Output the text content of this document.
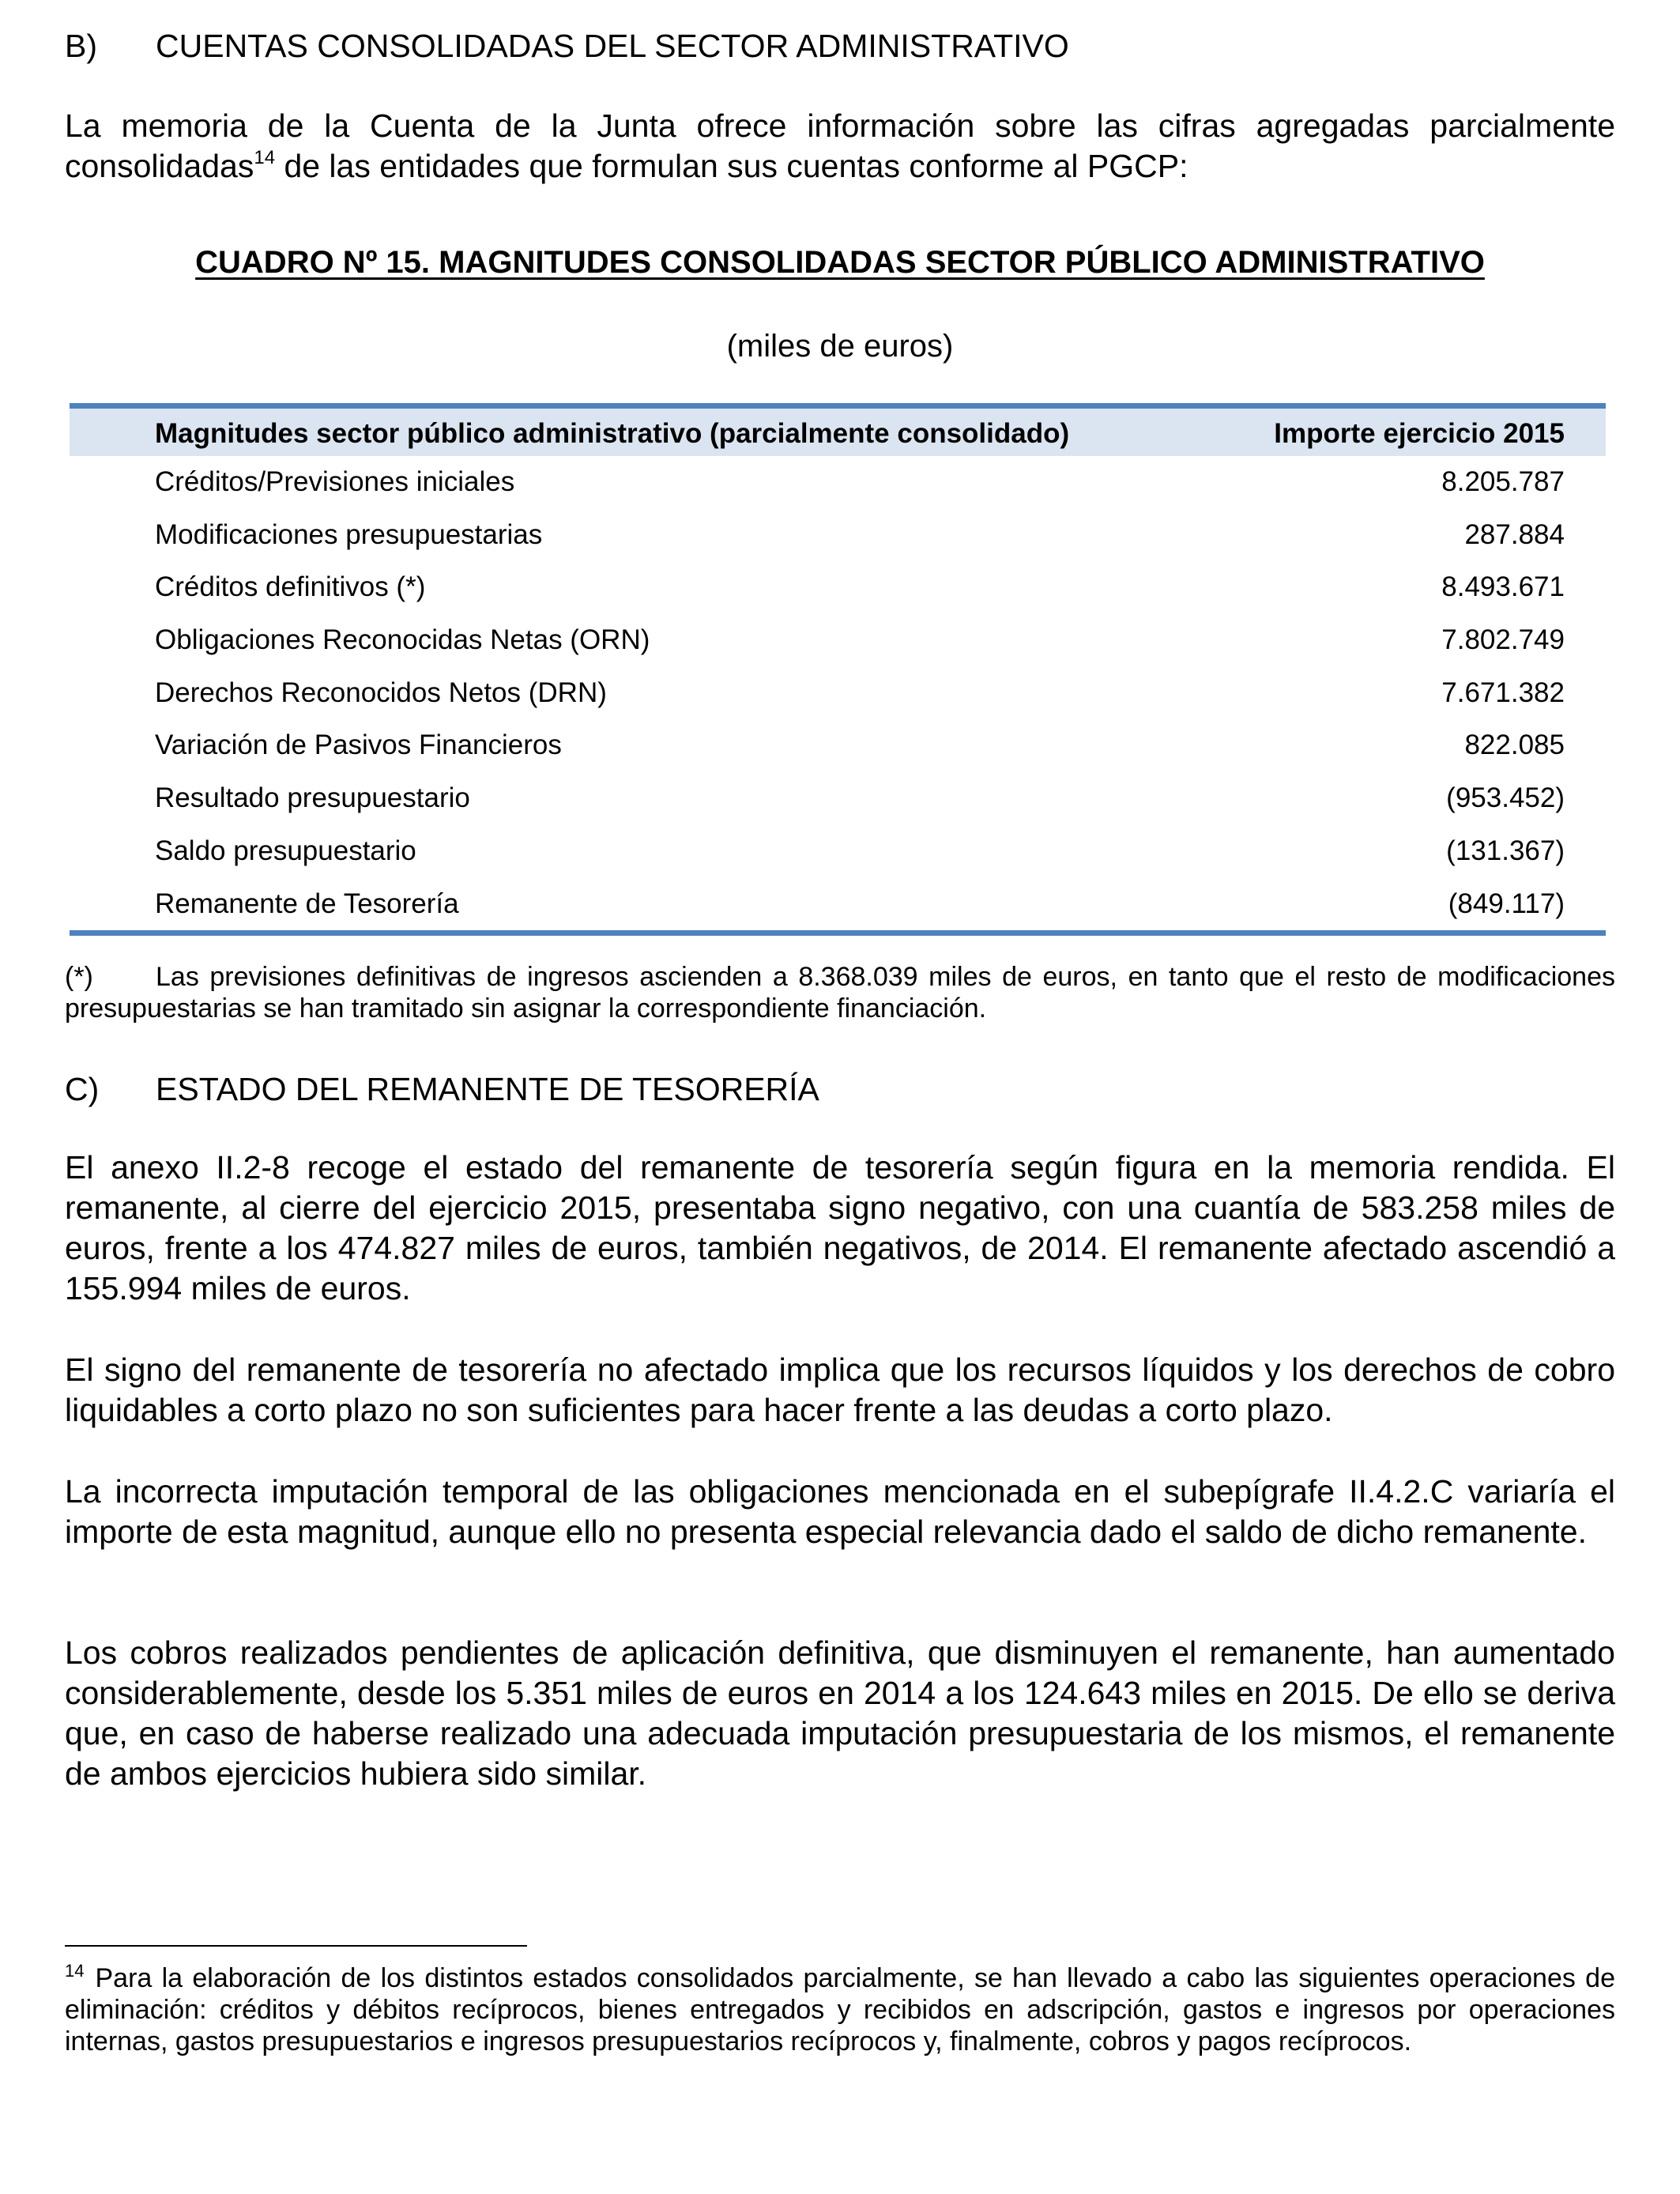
B) CUENTAS CONSOLIDADAS DEL SECTOR ADMINISTRATIVO
La memoria de la Cuenta de la Junta ofrece información sobre las cifras agregadas parcialmente consolidadas$^{14}$ de las entidades que formulan sus cuentas conforme al PGCP:
CUADRO Nº 15. MAGNITUDES CONSOLIDADAS SECTOR PÚBLICO ADMINISTRATIVO
(miles de euros)
Magnitudes sector público administrativo (parcialmente consolidado)	Importe ejercicio 2015
Créditos/Previsiones iniciales	8.205.787
Modificaciones presupuestarias	287.884
Créditos definitivos (*)	8.493.671
Obligaciones Reconocidas Netas (ORN)	7.802.749
Derechos Reconocidos Netos (DRN)	7.671.382
Variación de Pasivos Financieros	822.085
Resultado presupuestario	(953.452)
Saldo presupuestario	(131.367)
Remanente de Tesorería	(849.117)
(*) Las previsiones definitivas de ingresos ascienden a 8.368.039 miles de euros, en tanto que el resto de modificaciones presupuestarias se han tramitado sin asignar la correspondiente financiación.
C) ESTADO DEL REMANENTE DE TESORERÍA
El anexo II.2-8 recoge el estado del remanente de tesorería según figura en la memoria rendida. El remanente, al cierre del ejercicio 2015, presentaba signo negativo, con una cuantía de 583.258 miles de euros, frente a los 474.827 miles de euros, también negativos, de 2014. El remanente afectado ascendió a 155.994 miles de euros.
El signo del remanente de tesorería no afectado implica que los recursos líquidos y los derechos de cobro liquidables a corto plazo no son suficientes para hacer frente a las deudas a corto plazo.
La incorrecta imputación temporal de las obligaciones mencionada en el subepígrafe II.4.2.C variaría el importe de esta magnitud, aunque ello no presenta especial relevancia dado el saldo de dicho remanente.
Los cobros realizados pendientes de aplicación definitiva, que disminuyen el remanente, han aumentado considerablemente, desde los 5.351 miles de euros en 2014 a los 124.643 miles en 2015. De ello se deriva que, en caso de haberse realizado una adecuada imputación presupuestaria de los mismos, el remanente de ambos ejercicios hubiera sido similar.
$^{14}$ Para la elaboración de los distintos estados consolidados parcialmente, se han llevado a cabo las siguientes operaciones de eliminación: créditos y débitos recíprocos, bienes entregados y recibidos en adscripción, gastos e ingresos por operaciones internas, gastos presupuestarios e ingresos presupuestarios recíprocos y, finalmente, cobros y pagos recíprocos.
